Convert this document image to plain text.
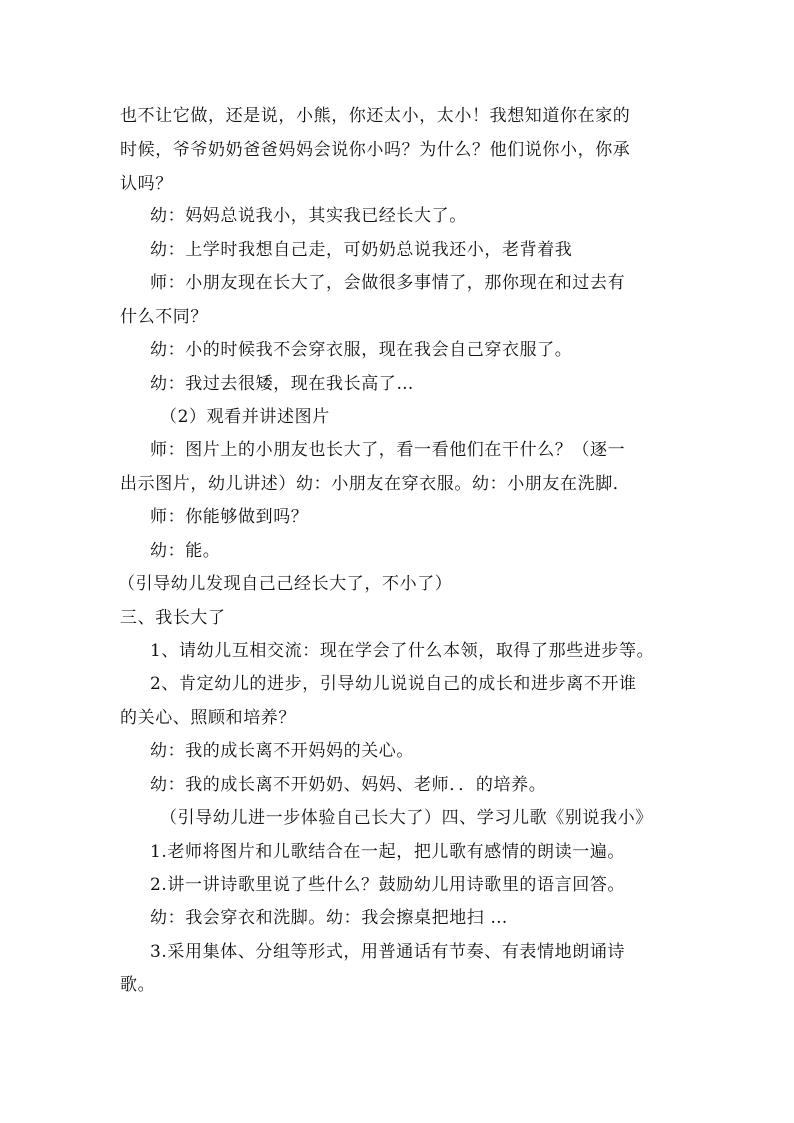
也不让它做，还是说，小熊，你还太小，太小！我想知道你在家的

时候，爷爷奶奶爸爸妈妈会说你小吗？为什么？他们说你小，你承

认吗？

幼：妈妈总说我小，其实我已经长大了。

幼：上学时我想自己走，可奶奶总说我还小，老背着我

师：小朋友现在长大了，会做很多事情了，那你现在和过去有

什么不同？

幼：小的时候我不会穿衣服，现在我会自己穿衣服了。

幼：我过去很矮，现在我长高了…

（2）观看并讲述图片

师：图片上的小朋友也长大了，看一看他们在干什么？（逐一

出示图片，幼儿讲述）幼：小朋友在穿衣服。幼：小朋友在洗脚．

师：你能够做到吗？

幼：能。

（引导幼儿发现自己己经长大了，不小了）

三、我长大了

1、请幼儿互相交流：现在学会了什么本领，取得了那些进步等。

2、肯定幼儿的进步，引导幼儿说说自己的成长和进步离不开谁

的关心、照顾和培养？

幼：我的成长离不开妈妈的关心。

幼：我的成长离不开奶奶、妈妈、老师．．的培养。

（引导幼儿进一步体验自己长大了）四、学习儿歌《别说我小》

1.老师将图片和儿歌结合在一起，把儿歌有感情的朗读一遍。

2.讲一讲诗歌里说了些什么？鼓励幼儿用诗歌里的语言回答。

幼：我会穿衣和洗脚。幼：我会擦桌把地扫 …

3.采用集体、分组等形式，用普通话有节奏、有表情地朗诵诗

歌。
